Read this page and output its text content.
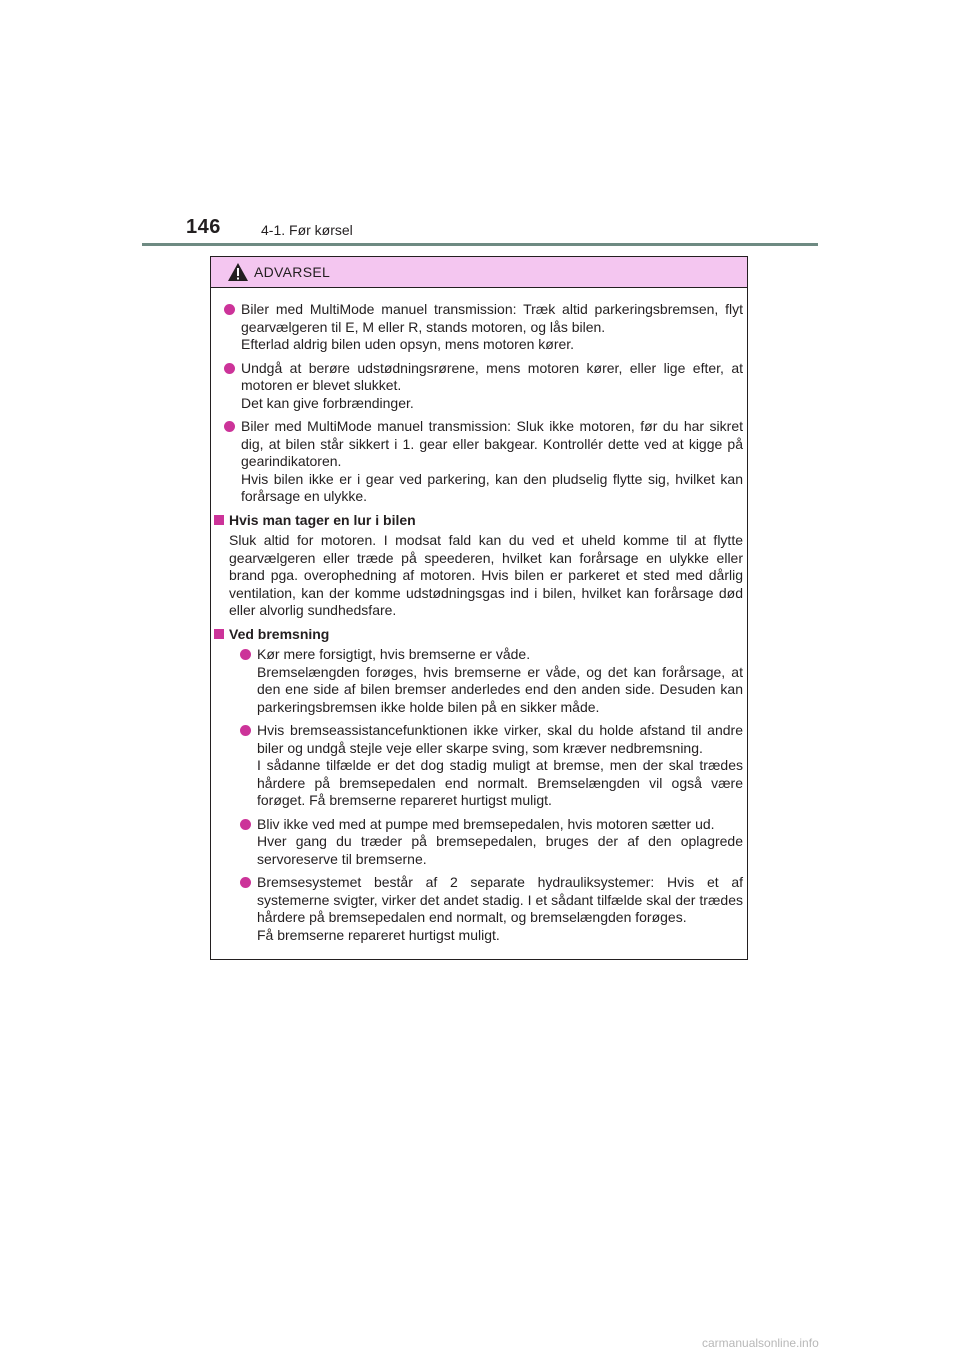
146	4-1. Før kørsel
ADVARSEL
Biler med MultiMode manuel transmission: Træk altid parkeringsbremsen, flyt gearvælgeren til E, M eller R, stands motoren, og lås bilen.
Efterlad aldrig bilen uden opsyn, mens motoren kører.
Undgå at berøre udstødningsrørene, mens motoren kører, eller lige efter, at motoren er blevet slukket.
Det kan give forbrændinger.
Biler med MultiMode manuel transmission: Sluk ikke motoren, før du har sikret dig, at bilen står sikkert i 1. gear eller bakgear. Kontrollér dette ved at kigge på gearindikatoren.
Hvis bilen ikke er i gear ved parkering, kan den pludselig flytte sig, hvilket kan forårsage en ulykke.
Hvis man tager en lur i bilen
Sluk altid for motoren. I modsat fald kan du ved et uheld komme til at flytte gearvælgeren eller træde på speederen, hvilket kan forårsage en ulykke eller brand pga. overophedning af motoren. Hvis bilen er parkeret et sted med dårlig ventilation, kan der komme udstødningsgas ind i bilen, hvilket kan forårsage død eller alvorlig sundhedsfare.
Ved bremsning
Kør mere forsigtigt, hvis bremserne er våde.
Bremselængden forøges, hvis bremserne er våde, og det kan forårsage, at den ene side af bilen bremser anderledes end den anden side. Desuden kan parkeringsbremsen ikke holde bilen på en sikker måde.
Hvis bremseassistancefunktionen ikke virker, skal du holde afstand til andre biler og undgå stejle veje eller skarpe sving, som kræver nedbremsning.
I sådanne tilfælde er det dog stadig muligt at bremse, men der skal trædes hårdere på bremsepedalen end normalt. Bremselængden vil også være forøget. Få bremserne repareret hurtigst muligt.
Bliv ikke ved med at pumpe med bremsepedalen, hvis motoren sætter ud.
Hver gang du træder på bremsepedalen, bruges der af den oplagrede servoreserve til bremserne.
Bremsesystemet består af 2 separate hydrauliksystemer: Hvis et af systemerne svigter, virker det andet stadig. I et sådant tilfælde skal der trædes hårdere på bremsepedalen end normalt, og bremselængden forøges.
Få bremserne repareret hurtigst muligt.
carmanualsonline.info
